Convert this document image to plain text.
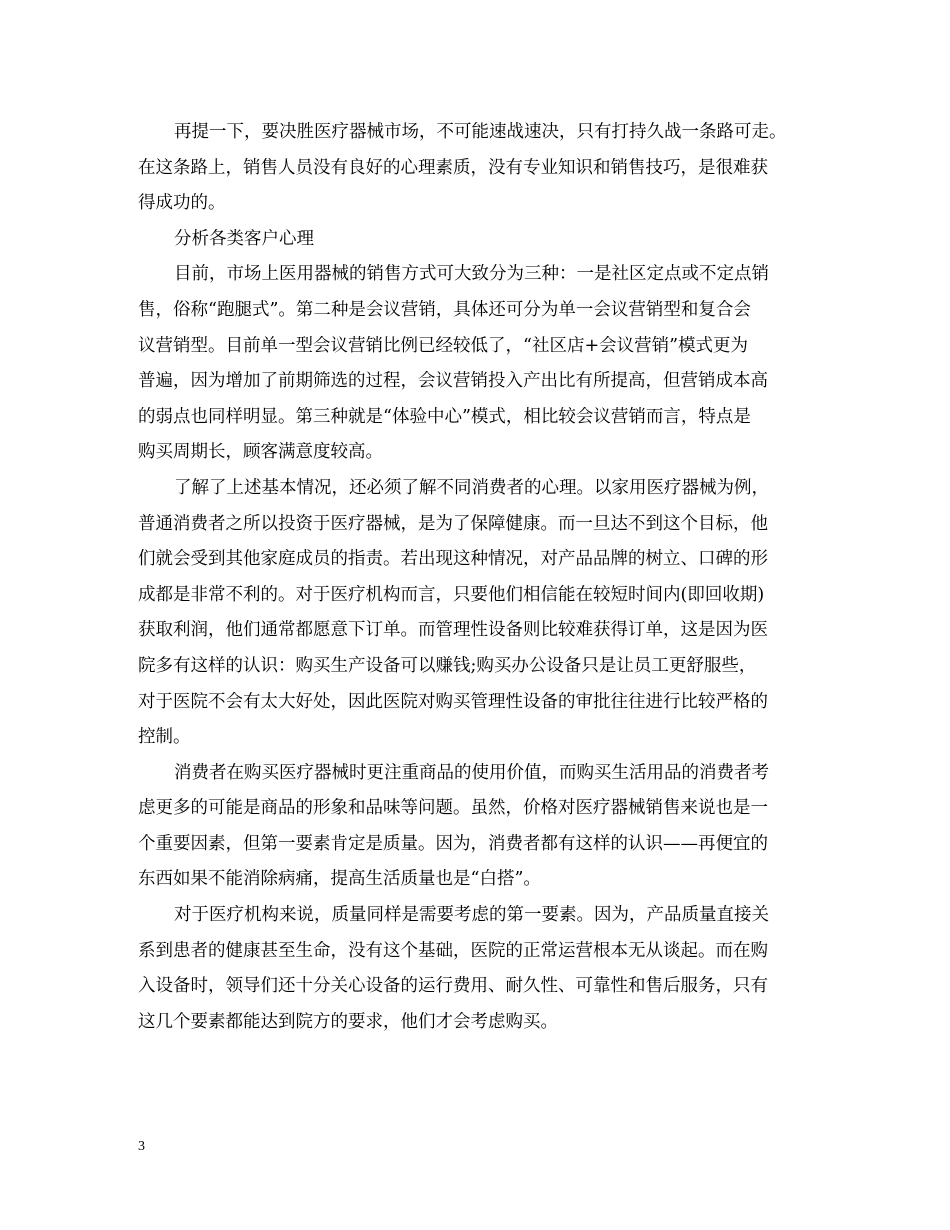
再提一下，要决胜医疗器械市场，不可能速战速决，只有打持久战一条路可走。
在这条路上，销售人员没有良好的心理素质，没有专业知识和销售技巧，是很难获
得成功的。
分析各类客户心理
目前，市场上医用器械的销售方式可大致分为三种：一是社区定点或不定点销
售，俗称“跑腿式”。第二种是会议营销，具体还可分为单一会议营销型和复合会
议营销型。目前单一型会议营销比例已经较低了，“社区店+会议营销”模式更为
普遍，因为增加了前期筛选的过程，会议营销投入产出比有所提高，但营销成本高
的弱点也同样明显。第三种就是“体验中心”模式，相比较会议营销而言，特点是
购买周期长，顾客满意度较高。
了解了上述基本情况，还必须了解不同消费者的心理。以家用医疗器械为例，
普通消费者之所以投资于医疗器械，是为了保障健康。而一旦达不到这个目标，他
们就会受到其他家庭成员的指责。若出现这种情况，对产品品牌的树立、口碑的形
成都是非常不利的。对于医疗机构而言，只要他们相信能在较短时间内(即回收期)
获取利润，他们通常都愿意下订单。而管理性设备则比较难获得订单，这是因为医
院多有这样的认识：购买生产设备可以赚钱;购买办公设备只是让员工更舒服些，
对于医院不会有太大好处，因此医院对购买管理性设备的审批往往进行比较严格的
控制。
消费者在购买医疗器械时更注重商品的使用价值，而购买生活用品的消费者考
虑更多的可能是商品的形象和品味等问题。虽然，价格对医疗器械销售来说也是一
个重要因素，但第一要素肯定是质量。因为，消费者都有这样的认识——再便宜的
东西如果不能消除病痛，提高生活质量也是“白搭”。
对于医疗机构来说，质量同样是需要考虑的第一要素。因为，产品质量直接关
系到患者的健康甚至生命，没有这个基础，医院的正常运营根本无从谈起。而在购
入设备时，领导们还十分关心设备的运行费用、耐久性、可靠性和售后服务，只有
这几个要素都能达到院方的要求，他们才会考虑购买。
3
